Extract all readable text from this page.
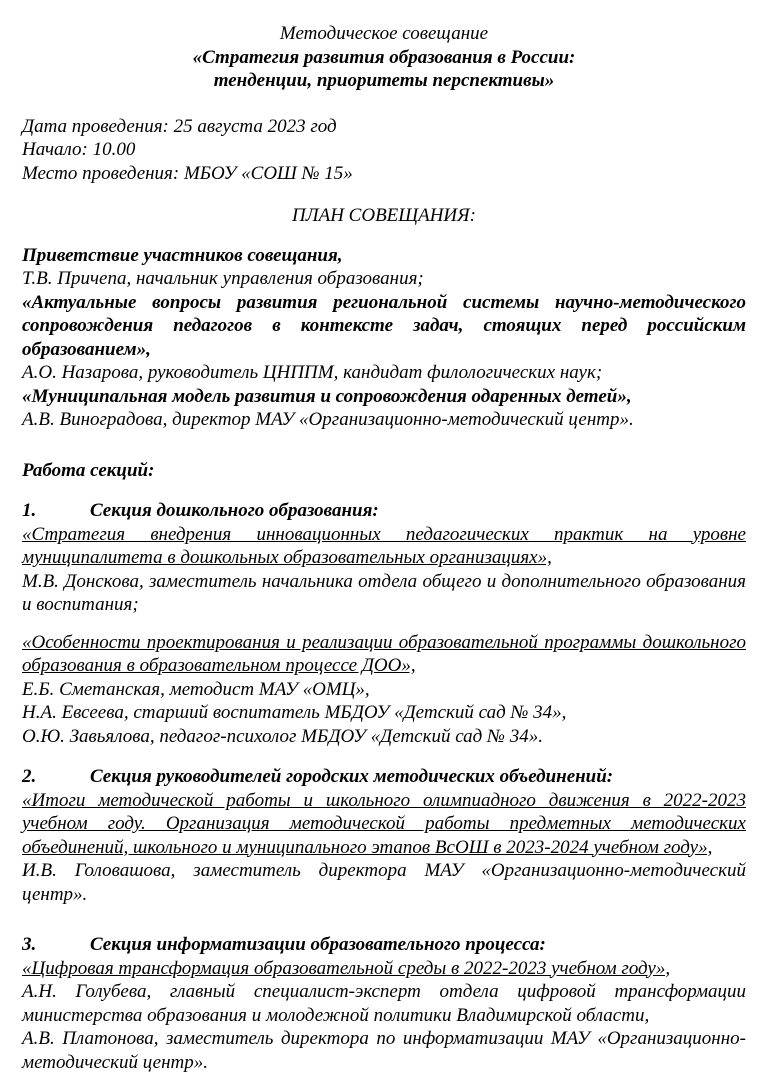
Методическое совещание
«Стратегия развития образования в России:
тенденции, приоритеты перспективы»
Дата проведения: 25 августа 2023 год
Начало: 10.00
Место проведения: МБОУ «СОШ № 15»
ПЛАН СОВЕЩАНИЯ:

Приветствие участников совещания,

Т.В. Причепа, начальник управления образования;

«Актуальные вопросы развития региональной системы научно-методического сопровождения педагогов в контексте задач, стоящих перед российским образованием»,

А.О. Назарова, руководитель ЦНППМ, кандидат филологических наук;

«Муниципальная модель развития и сопровождения одаренных детей»,

А.В. Виноградова, директор МАУ «Организационно-методический центр».

Работа секций:

1.	Секция дошкольного образования:

«Стратегия внедрения инновационных педагогических практик на уровне муниципалитета в дошкольных образовательных организациях»,

М.В. Донскова, заместитель начальника отдела общего и дополнительного образования и воспитания;

«Особенности проектирования и реализации образовательной программы дошкольного образования в образовательном процессе ДОО»,

Е.Б. Сметанская, методист МАУ «ОМЦ»,

Н.А. Евсеева, старший воспитатель МБДОУ «Детский сад № 34»,

О.Ю. Завьялова, педагог-психолог МБДОУ «Детский сад № 34».

2.	Секция руководителей городских методических объединений:

«Итоги методической работы и школьного олимпиадного движения в 2022-2023 учебном году. Организация методической работы предметных методических объединений, школьного и муниципального этапов ВсОШ в 2023-2024 учебном году»,

И.В. Головашова, заместитель директора МАУ «Организационно-методический центр».

3.	Секция информатизации образовательного процесса:

«Цифровая трансформация образовательной среды в 2022-2023 учебном году»,

А.Н. Голубева, главный специалист-эксперт отдела цифровой трансформации министерства образования и молодежной политики Владимирской области,

А.В. Платонова, заместитель директора по информатизации МАУ «Организационно-методический центр».
